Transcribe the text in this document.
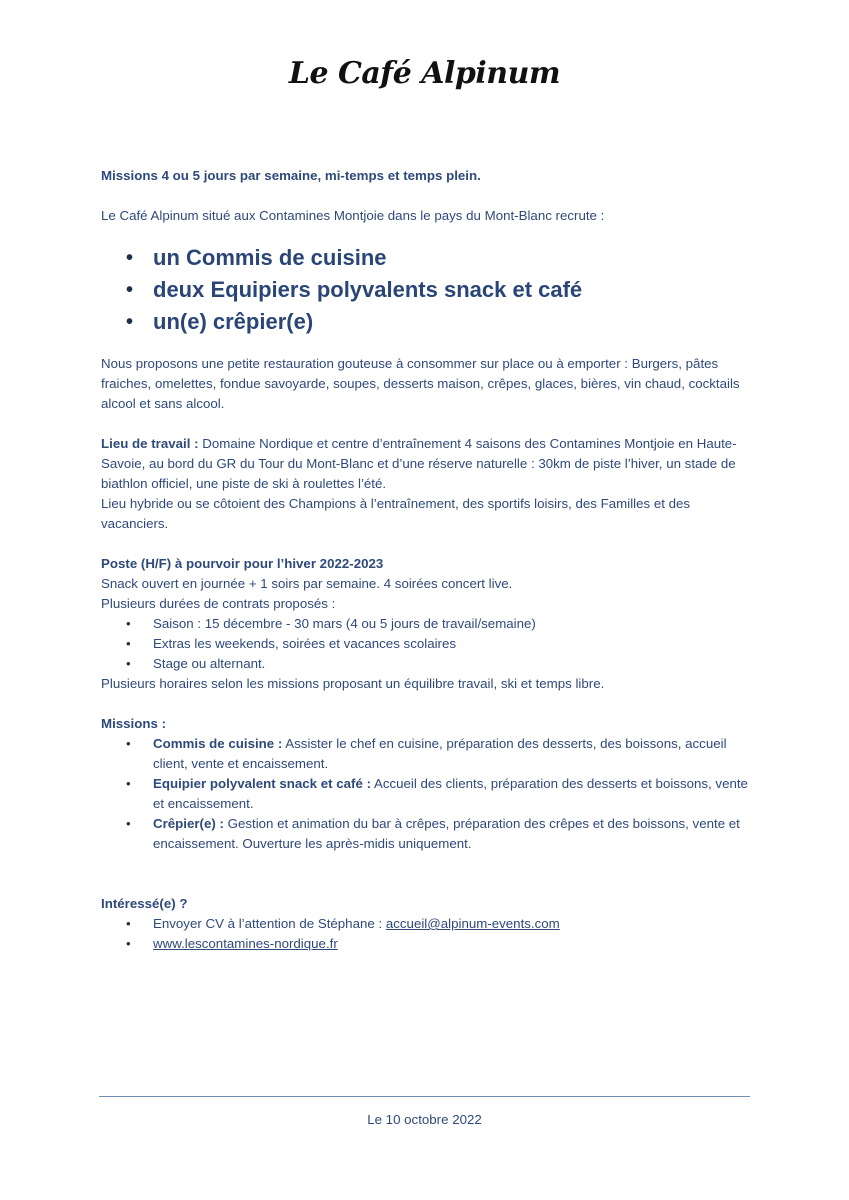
Le Café Alpinum

Missions 4 ou 5 jours par semaine, mi-temps et temps plein.

Le Café Alpinum situé aux Contamines Montjoie dans le pays du Mont-Blanc recrute :

• un Commis de cuisine
• deux Equipiers polyvalents snack et café
• un(e) crêpier(e)

Nous proposons une petite restauration gouteuse à consommer sur place ou à emporter : Burgers, pâtes fraiches, omelettes, fondue savoyarde, soupes, desserts maison, crêpes, glaces, bières, vin chaud, cocktails alcool et sans alcool.

Lieu de travail : Domaine Nordique et centre d’entraînement 4 saisons des Contamines Montjoie en Haute-Savoie, au bord du GR du Tour du Mont-Blanc et d’une réserve naturelle : 30km de piste l’hiver, un stade de biathlon officiel, une piste de ski à roulettes l’été.

Lieu hybride ou se côtoient des Champions à l’entraînement, des sportifs loisirs, des Familles et des vacanciers.

Poste (H/F) à pourvoir pour l’hiver 2022-2023

Snack ouvert en journée + 1 soirs par semaine. 4 soirées concert live.

Plusieurs durées de contrats proposés :

• Saison : 15 décembre - 30 mars (4 ou 5 jours de travail/semaine)
• Extras les weekends, soirées et vacances scolaires
• Stage ou alternant.

Plusieurs horaires selon les missions proposant un équilibre travail, ski et temps libre.

Missions :

• Commis de cuisine : Assister le chef en cuisine, préparation des desserts, des boissons, accueil client, vente et encaissement.
• Equipier polyvalent snack et café : Accueil des clients, préparation des desserts et boissons, vente et encaissement.
• Crêpier(e) : Gestion et animation du bar à crêpes, préparation des crêpes et des boissons, vente et encaissement. Ouverture les après-midis uniquement.

Intéressé(e) ?

• Envoyer CV à l’attention de Stéphane : accueil@alpinum-events.com
• www.lescontamines-nordique.fr
Le 10 octobre 2022
